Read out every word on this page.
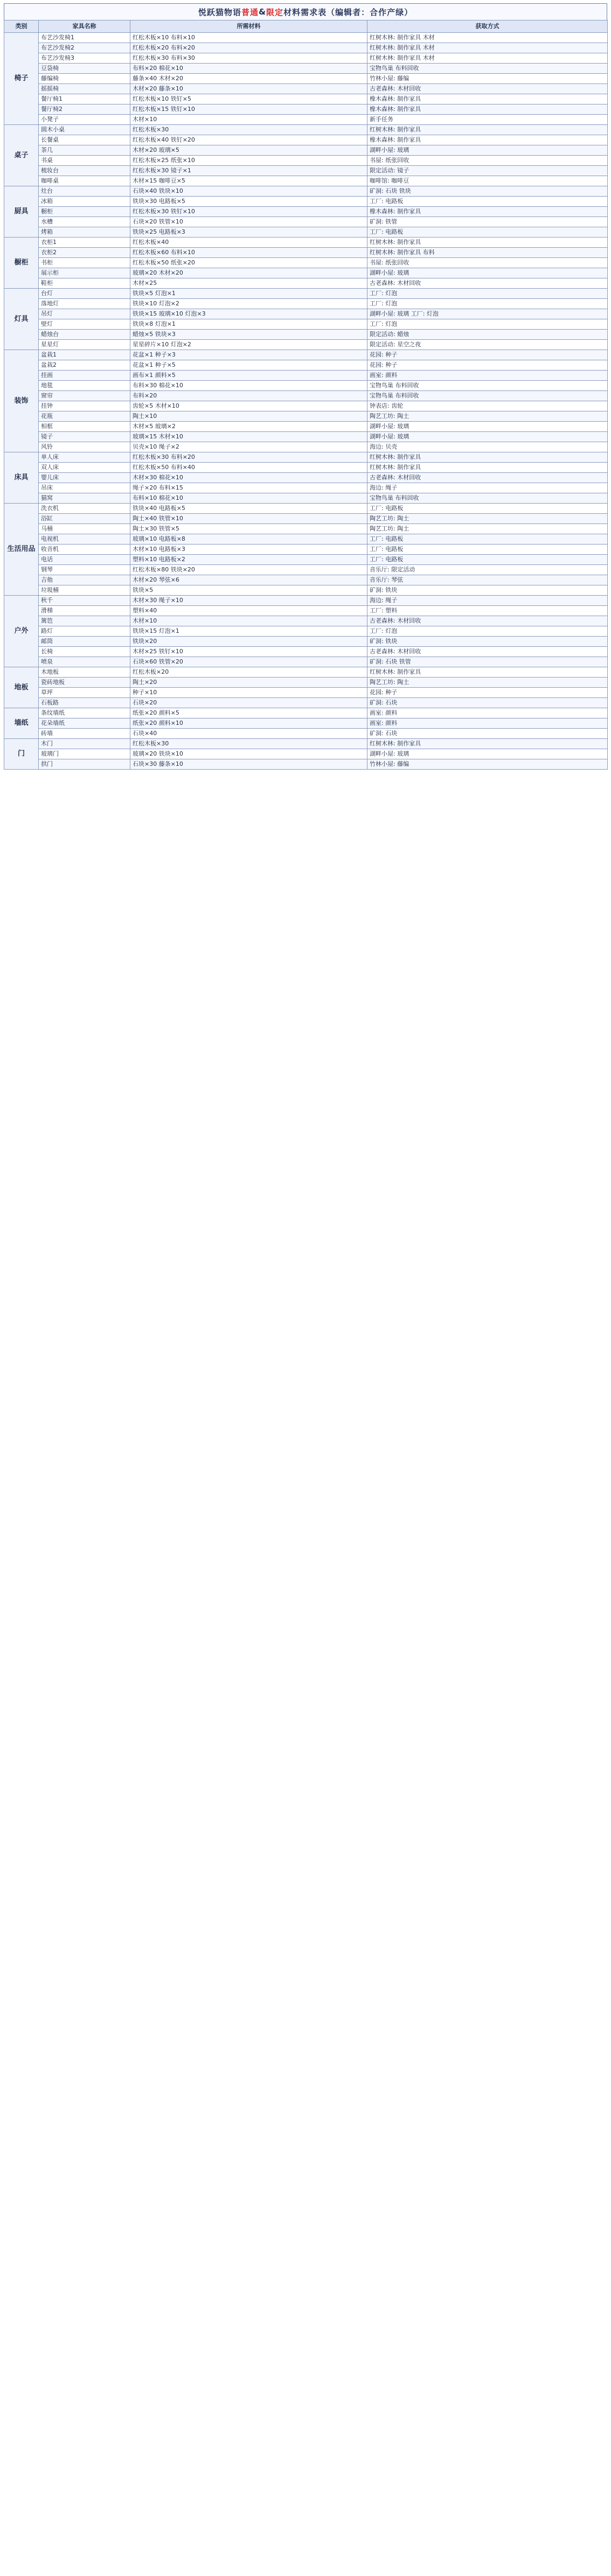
悦跃猫物语 普通 & 限定 材料需求表（编辑者：合作产绿）
类别	家具名称	所需材料	获取方式
椅子	布艺沙发椅1	红松木板×10 布料×10	红树木林: 制作家具 木材
	布艺沙发椅2	红松木板×20 布料×20	红树木林: 制作家具 木材
	布艺沙发椅3	红松木板×30 布料×30	红树木林: 制作家具 木材
	豆袋椅	布料×20 棉花×10	宝物鸟巢 布料回收
	藤编椅	藤条×40 木材×20	竹林小屋: 藤编
	摇摇椅	木材×20 藤条×10	古老森林: 木材回收
	餐厅椅1	红松木板×10 铁钉×5	橡木森林: 制作家具
	餐厅椅2	红松木板×15 铁钉×10	橡木森林: 制作家具
	小凳子	木材×10	新手任务
桌子	圆木小桌	红松木板×30	红树木林: 制作家具
	长餐桌	红松木板×40 铁钉×20	橡木森林: 制作家具
	茶几	木材×20 玻璃×5	湖畔小屋: 玻璃
	书桌	红松木板×25 纸张×10	书屋: 纸张回收
	梳妆台	红松木板×30 镜子×1	限定活动: 镜子
	咖啡桌	木材×15 咖啡豆×5	咖啡馆: 咖啡豆
厨具	灶台	石块×40 铁块×10	矿洞: 石块 铁块
	冰箱	铁块×30 电路板×5	工厂: 电路板
	橱柜	红松木板×30 铁钉×10	橡木森林: 制作家具
	水槽	石块×20 铁管×10	矿洞: 铁管
	烤箱	铁块×25 电路板×3	工厂: 电路板
橱柜	衣柜1	红松木板×40	红树木林: 制作家具
	衣柜2	红松木板×60 布料×10	红树木林: 制作家具 布料
	书柜	红松木板×50 纸张×20	书屋: 纸张回收
	展示柜	玻璃×20 木材×20	湖畔小屋: 玻璃
	鞋柜	木材×25	古老森林: 木材回收
灯具	台灯	铁块×5 灯泡×1	工厂: 灯泡
	落地灯	铁块×10 灯泡×2	工厂: 灯泡
	吊灯	铁块×15 玻璃×10 灯泡×3	湖畔小屋: 玻璃 工厂: 灯泡
	壁灯	铁块×8 灯泡×1	工厂: 灯泡
	蜡烛台	蜡烛×5 铁块×3	限定活动: 蜡烛
	星星灯	星星碎片×10 灯泡×2	限定活动: 星空之夜
装饰	盆栽1	花盆×1 种子×3	花园: 种子
	盆栽2	花盆×1 种子×5	花园: 种子
	挂画	画布×1 颜料×5	画室: 颜料
	地毯	布料×30 棉花×10	宝物鸟巢 布料回收
	窗帘	布料×20	宝物鸟巢 布料回收
	挂钟	齿轮×5 木材×10	钟表店: 齿轮
	花瓶	陶土×10	陶艺工坊: 陶土
	相框	木材×5 玻璃×2	湖畔小屋: 玻璃
	镜子	玻璃×15 木材×10	湖畔小屋: 玻璃
	风铃	贝壳×10 绳子×2	海边: 贝壳
床具	单人床	红松木板×30 布料×20	红树木林: 制作家具
	双人床	红松木板×50 布料×40	红树木林: 制作家具
	婴儿床	木材×30 棉花×10	古老森林: 木材回收
	吊床	绳子×20 布料×15	海边: 绳子
	猫窝	布料×10 棉花×10	宝物鸟巢 布料回收
生活用品	洗衣机	铁块×40 电路板×5	工厂: 电路板
	浴缸	陶土×40 铁管×10	陶艺工坊: 陶土
	马桶	陶土×30 铁管×5	陶艺工坊: 陶土
	电视机	玻璃×10 电路板×8	工厂: 电路板
	收音机	木材×10 电路板×3	工厂: 电路板
	电话	塑料×10 电路板×2	工厂: 电路板
	钢琴	红松木板×80 铁块×20	音乐厅: 限定活动
	吉他	木材×20 琴弦×6	音乐厅: 琴弦
	垃圾桶	铁块×5	矿洞: 铁块
户外	秋千	木材×30 绳子×10	海边: 绳子
	滑梯	塑料×40	工厂: 塑料
	篱笆	木材×10	古老森林: 木材回收
	路灯	铁块×15 灯泡×1	工厂: 灯泡
	邮筒	铁块×20	矿洞: 铁块
	长椅	木材×25 铁钉×10	古老森林: 木材回收
	喷泉	石块×60 铁管×20	矿洞: 石块 铁管
地板	木地板	红松木板×20	红树木林: 制作家具
	瓷砖地板	陶土×20	陶艺工坊: 陶土
	草坪	种子×10	花园: 种子
	石板路	石块×20	矿洞: 石块
墙纸	条纹墙纸	纸张×20 颜料×5	画室: 颜料
	花朵墙纸	纸张×20 颜料×10	画室: 颜料
	砖墙	石块×40	矿洞: 石块
门	木门	红松木板×30	红树木林: 制作家具
	玻璃门	玻璃×20 铁块×10	湖畔小屋: 玻璃
	拱门	石块×30 藤条×10	竹林小屋: 藤编
